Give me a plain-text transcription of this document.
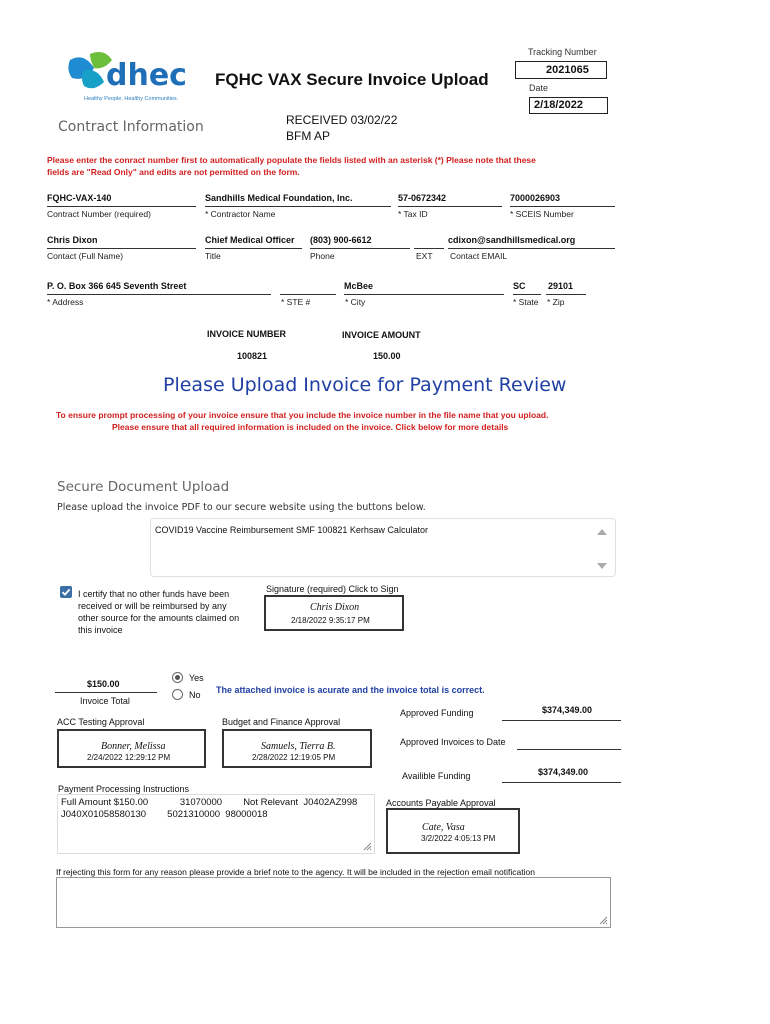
dhec
Healthy People. Healthy Communities.
FQHC VAX Secure Invoice Upload
Tracking Number
2021065
Date
2/18/2022
RECEIVED 03/02/22
BFM AP
Contract Information
Please enter the conract number first to automatically populate the fields listed with an asterisk (*) Please note that these
fields are "Read Only" and edits are not permitted on the form.
FQHC-VAX-140
Contract Number (required)
Sandhills Medical Foundation, Inc.
* Contractor Name
57-0672342
* Tax ID
7000026903
* SCEIS Number
Chris Dixon
Contact (Full Name)
Chief Medical Officer
Title
(803) 900-6612
Phone	EXT
cdixon@sandhillsmedical.org
Contact EMAIL
P. O. Box 366 645 Seventh Street
* Address	* STE #
McBee
* City
SC
* State
29101
* Zip
INVOICE NUMBER
100821
INVOICE AMOUNT
150.00
Please Upload Invoice for Payment Review
To ensure prompt processing of your invoice ensure that you include the invoice number in the file name that you upload.
Please ensure that all required information is included on the invoice. Click below for more details
Secure Document Upload
Please upload the invoice PDF to our secure website using the buttons below.
COVID19 Vaccine Reimbursement SMF 100821 Kerhsaw Calculator
I certify that no other funds have been
received or will be reimbursed by any
other source for the amounts claimed on
this invoice
Signature (required) Click to Sign
Chris Dixon
2/18/2022 9:35:17 PM
$150.00
Invoice Total
Yes
No The attached invoice is acurate and the invoice total is correct.
ACC Testing Approval
Bonner, Melissa
2/24/2022 12:29:12 PM
Budget and Finance Approval
Samuels, Tierra B.
2/28/2022 12:19:05 PM
Approved Funding	$374,349.00
Approved Invoices to Date
Availible Funding	$374,349.00
Payment Processing Instructions
Full Amount $150.00            31070000        Not Relevant  J0402AZ998
J040X01058580130        5021310000  98000018
Accounts Payable Approval
Cate, Vasa
3/2/2022 4:05:13 PM
If rejecting this form for any reason please provide a brief note to the agency. It will be included in the rejection email notification
